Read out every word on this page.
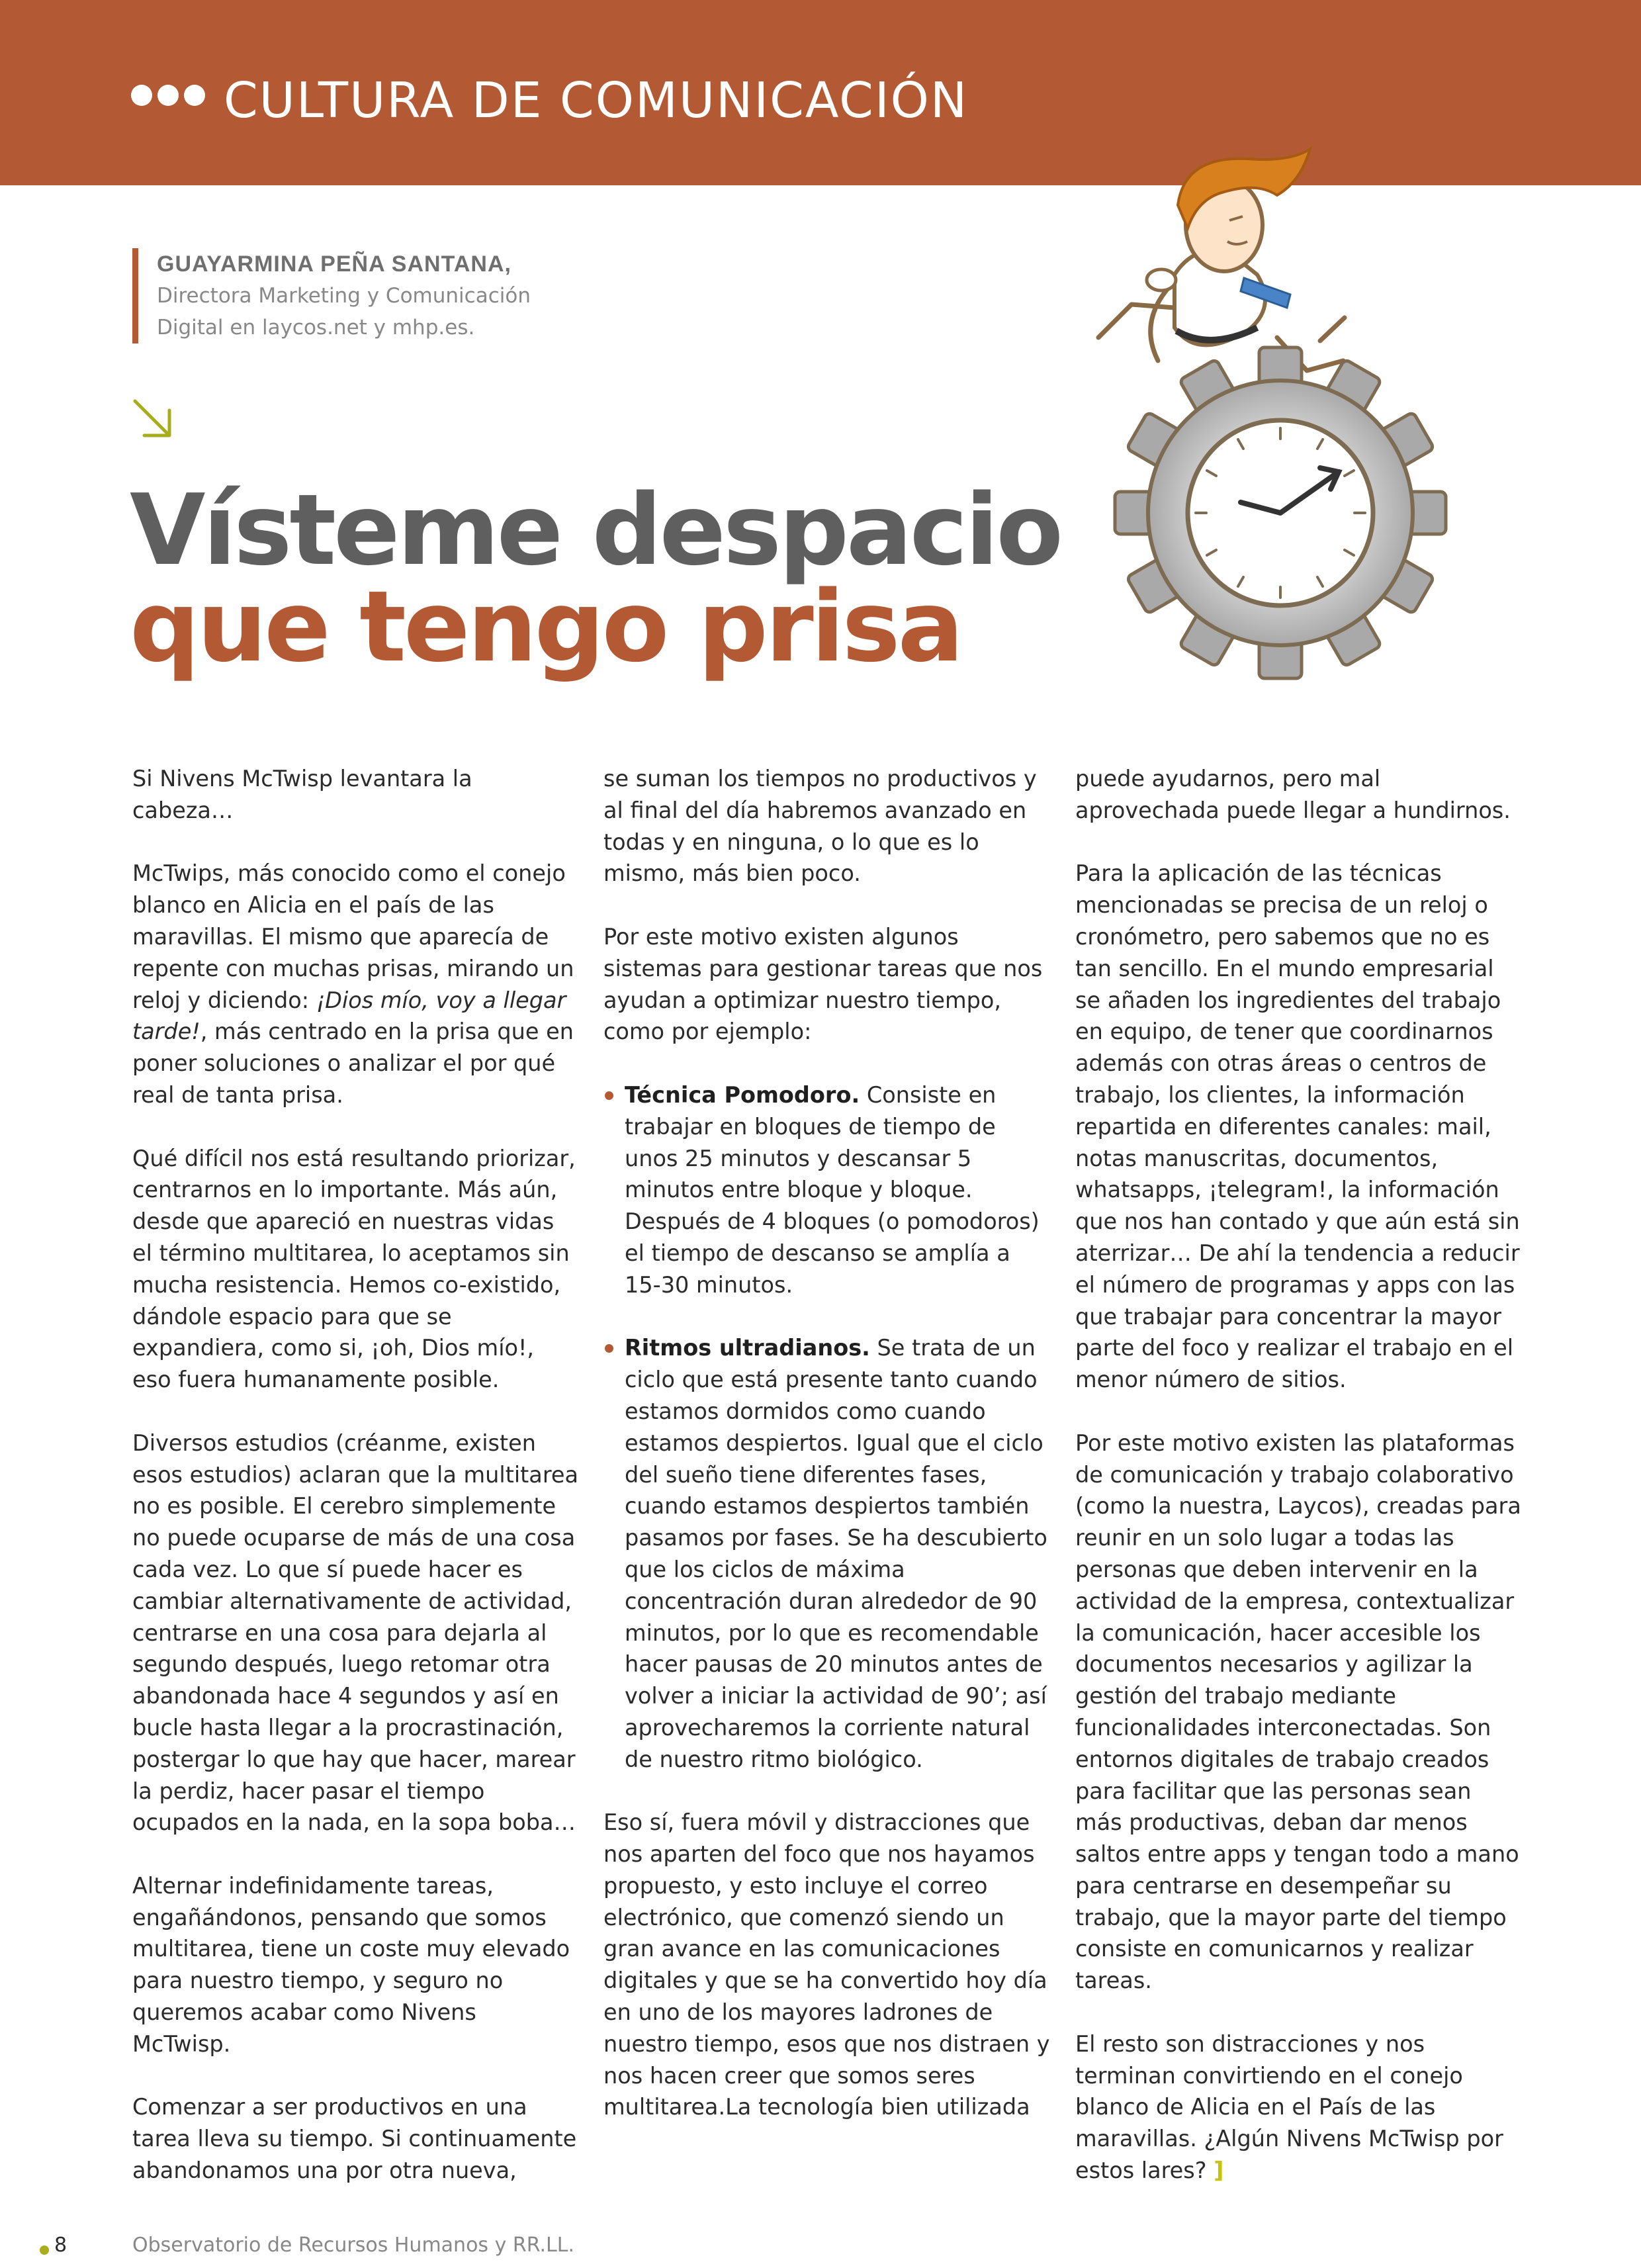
CULTURA DE COMUNICACIÓN
GUAYARMINA PEÑA SANTANA,
Directora Marketing y Comunicación
Digital en laycos.net y mhp.es.
Vísteme despacio
que tengo prisa

Si Nivens McTwisp levantara la cabeza…

McTwips, más conocido como el conejo blanco en Alicia en el país de las maravillas. El mismo que aparecía de repente con muchas prisas, mirando un reloj y diciendo: ¡Dios mío, voy a llegar tarde!, más centrado en la prisa que en poner soluciones o analizar el por qué real de tanta prisa.

Qué difícil nos está resultando priorizar, centrarnos en lo importante. Más aún, desde que apareció en nuestras vidas el término multitarea, lo aceptamos sin mucha resistencia. Hemos co-existido, dándole espacio para que se expandiera, como si, ¡oh, Dios mío!, eso fuera humanamente posible.

Diversos estudios (créanme, existen esos estudios) aclaran que la multitarea no es posible. El cerebro simplemente no puede ocuparse de más de una cosa cada vez. Lo que sí puede hacer es cambiar alternativamente de actividad, centrarse en una cosa para dejarla al segundo después, luego retomar otra abandonada hace 4 segundos y así en bucle hasta llegar a la procrastinación, postergar lo que hay que hacer, marear la perdiz, hacer pasar el tiempo ocupados en la nada, en la sopa boba…

Alternar indefinidamente tareas, engañándonos, pensando que somos multitarea, tiene un coste muy elevado para nuestro tiempo, y seguro no queremos acabar como Nivens McTwisp.

Comenzar a ser productivos en una tarea lleva su tiempo. Si continuamente abandonamos una por otra nueva,

se suman los tiempos no productivos y al final del día habremos avanzado en todas y en ninguna, o lo que es lo mismo, más bien poco.

Por este motivo existen algunos sistemas para gestionar tareas que nos ayudan a optimizar nuestro tiempo, como por ejemplo:

Técnica Pomodoro. Consiste en trabajar en bloques de tiempo de unos 25 minutos y descansar 5 minutos entre bloque y bloque. Después de 4 bloques (o pomodoros) el tiempo de descanso se amplía a 15-30 minutos.

Ritmos ultradianos. Se trata de un ciclo que está presente tanto cuando estamos dormidos como cuando estamos despiertos. Igual que el ciclo del sueño tiene diferentes fases, cuando estamos despiertos también pasamos por fases. Se ha descubierto que los ciclos de máxima concentración duran alrededor de 90 minutos, por lo que es recomendable hacer pausas de 20 minutos antes de volver a iniciar la actividad de 90’; así aprovecharemos la corriente natural de nuestro ritmo biológico.

Eso sí, fuera móvil y distracciones que nos aparten del foco que nos hayamos propuesto, y esto incluye el correo electrónico, que comenzó siendo un gran avance en las comunicaciones digitales y que se ha convertido hoy día en uno de los mayores ladrones de nuestro tiempo, esos que nos distraen y nos hacen creer que somos seres multitarea.La tecnología bien utilizada

puede ayudarnos, pero mal aprovechada puede llegar a hundirnos.

Para la aplicación de las técnicas mencionadas se precisa de un reloj o cronómetro, pero sabemos que no es tan sencillo. En el mundo empresarial se añaden los ingredientes del trabajo en equipo, de tener que coordinarnos además con otras áreas o centros de trabajo, los clientes, la información repartida en diferentes canales: mail, notas manuscritas, documentos, whatsapps, ¡telegram!, la información que nos han contado y que aún está sin aterrizar… De ahí la tendencia a reducir el número de programas y apps con las que trabajar para concentrar la mayor parte del foco y realizar el trabajo en el menor número de sitios.

Por este motivo existen las plataformas de comunicación y trabajo colaborativo (como la nuestra, Laycos), creadas para reunir en un solo lugar a todas las personas que deben intervenir en la actividad de la empresa, contextualizar la comunicación, hacer accesible los documentos necesarios y agilizar la gestión del trabajo mediante funcionalidades interconectadas. Son entornos digitales de trabajo creados para facilitar que las personas sean más productivas, deban dar menos saltos entre apps y tengan todo a mano para centrarse en desempeñar su trabajo, que la mayor parte del tiempo consiste en comunicarnos y realizar tareas.

El resto son distracciones y nos terminan convirtiendo en el conejo blanco de Alicia en el País de las maravillas. ¿Algún Nivens McTwisp por estos lares? ]

8	Observatorio de Recursos Humanos y RR.LL.
